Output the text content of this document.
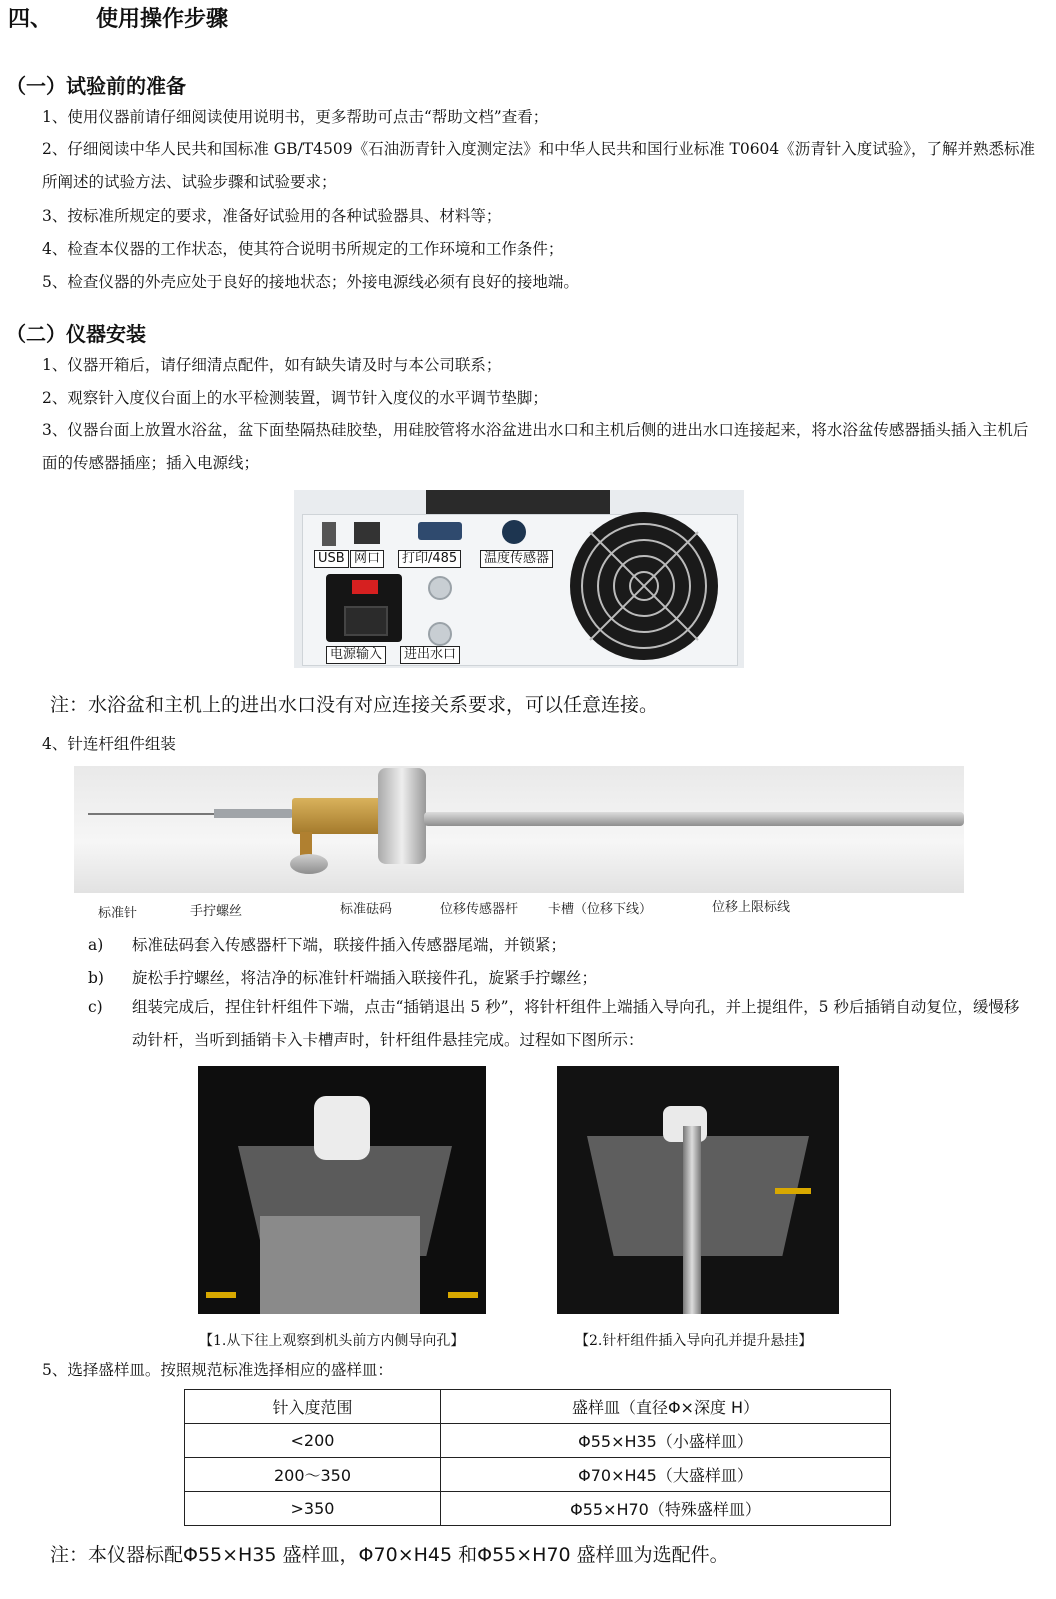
四、 使用操作步骤
（一）试验前的准备
1、使用仪器前请仔细阅读使用说明书，更多帮助可点击“帮助文档”查看；
2、仔细阅读中华人民共和国标准 GB/T4509《石油沥青针入度测定法》和中华人民共和国行业标准 T0604《沥青针入度试验》，了解并熟悉标准所阐述的试验方法、试验步骤和试验要求；
3、按标准所规定的要求，准备好试验用的各种试验器具、材料等；
4、检查本仪器的工作状态，使其符合说明书所规定的工作环境和工作条件；
5、检查仪器的外壳应处于良好的接地状态；外接电源线必须有良好的接地端。
（二）仪器安装
1、仪器开箱后，请仔细清点配件，如有缺失请及时与本公司联系；
2、观察针入度仪台面上的水平检测装置，调节针入度仪的水平调节垫脚；
3、仪器台面上放置水浴盆，盆下面垫隔热硅胶垫，用硅胶管将水浴盆进出水口和主机后侧的进出水口连接起来，将水浴盆传感器插头插入主机后面的传感器插座；插入电源线；
USB 网口	打印/485	温度传感器
电源输入	进出水口
注：水浴盆和主机上的进出水口没有对应连接关系要求，可以任意连接。
4、针连杆组件组装
标准针	手拧螺丝	标准砝码	位移传感器杆 卡槽（位移下线）	位移上限标线
a) 标准砝码套入传感器杆下端，联接件插入传感器尾端，并锁紧；
b) 旋松手拧螺丝，将洁净的标准针杆端插入联接件孔，旋紧手拧螺丝；
c) 组装完成后，捏住针杆组件下端，点击“插销退出 5 秒”，将针杆组件上端插入导向孔，并上提组件，5 秒后插销自动复位，缓慢移动针杆，当听到插销卡入卡槽声时，针杆组件悬挂完成。过程如下图所示：
【1.从下往上观察到机头前方内侧导向孔】	【2.针杆组件插入导向孔并提升悬挂】
5、选择盛样皿。按照规范标准选择相应的盛样皿：
针入度范围	盛样皿（直径Φ×深度 H）
<200	Φ55×H35（小盛样皿）
200～350	Φ70×H45（大盛样皿）
>350	Φ55×H70（特殊盛样皿）
注：本仪器标配Φ55×H35 盛样皿，Φ70×H45 和Φ55×H70 盛样皿为选配件。
